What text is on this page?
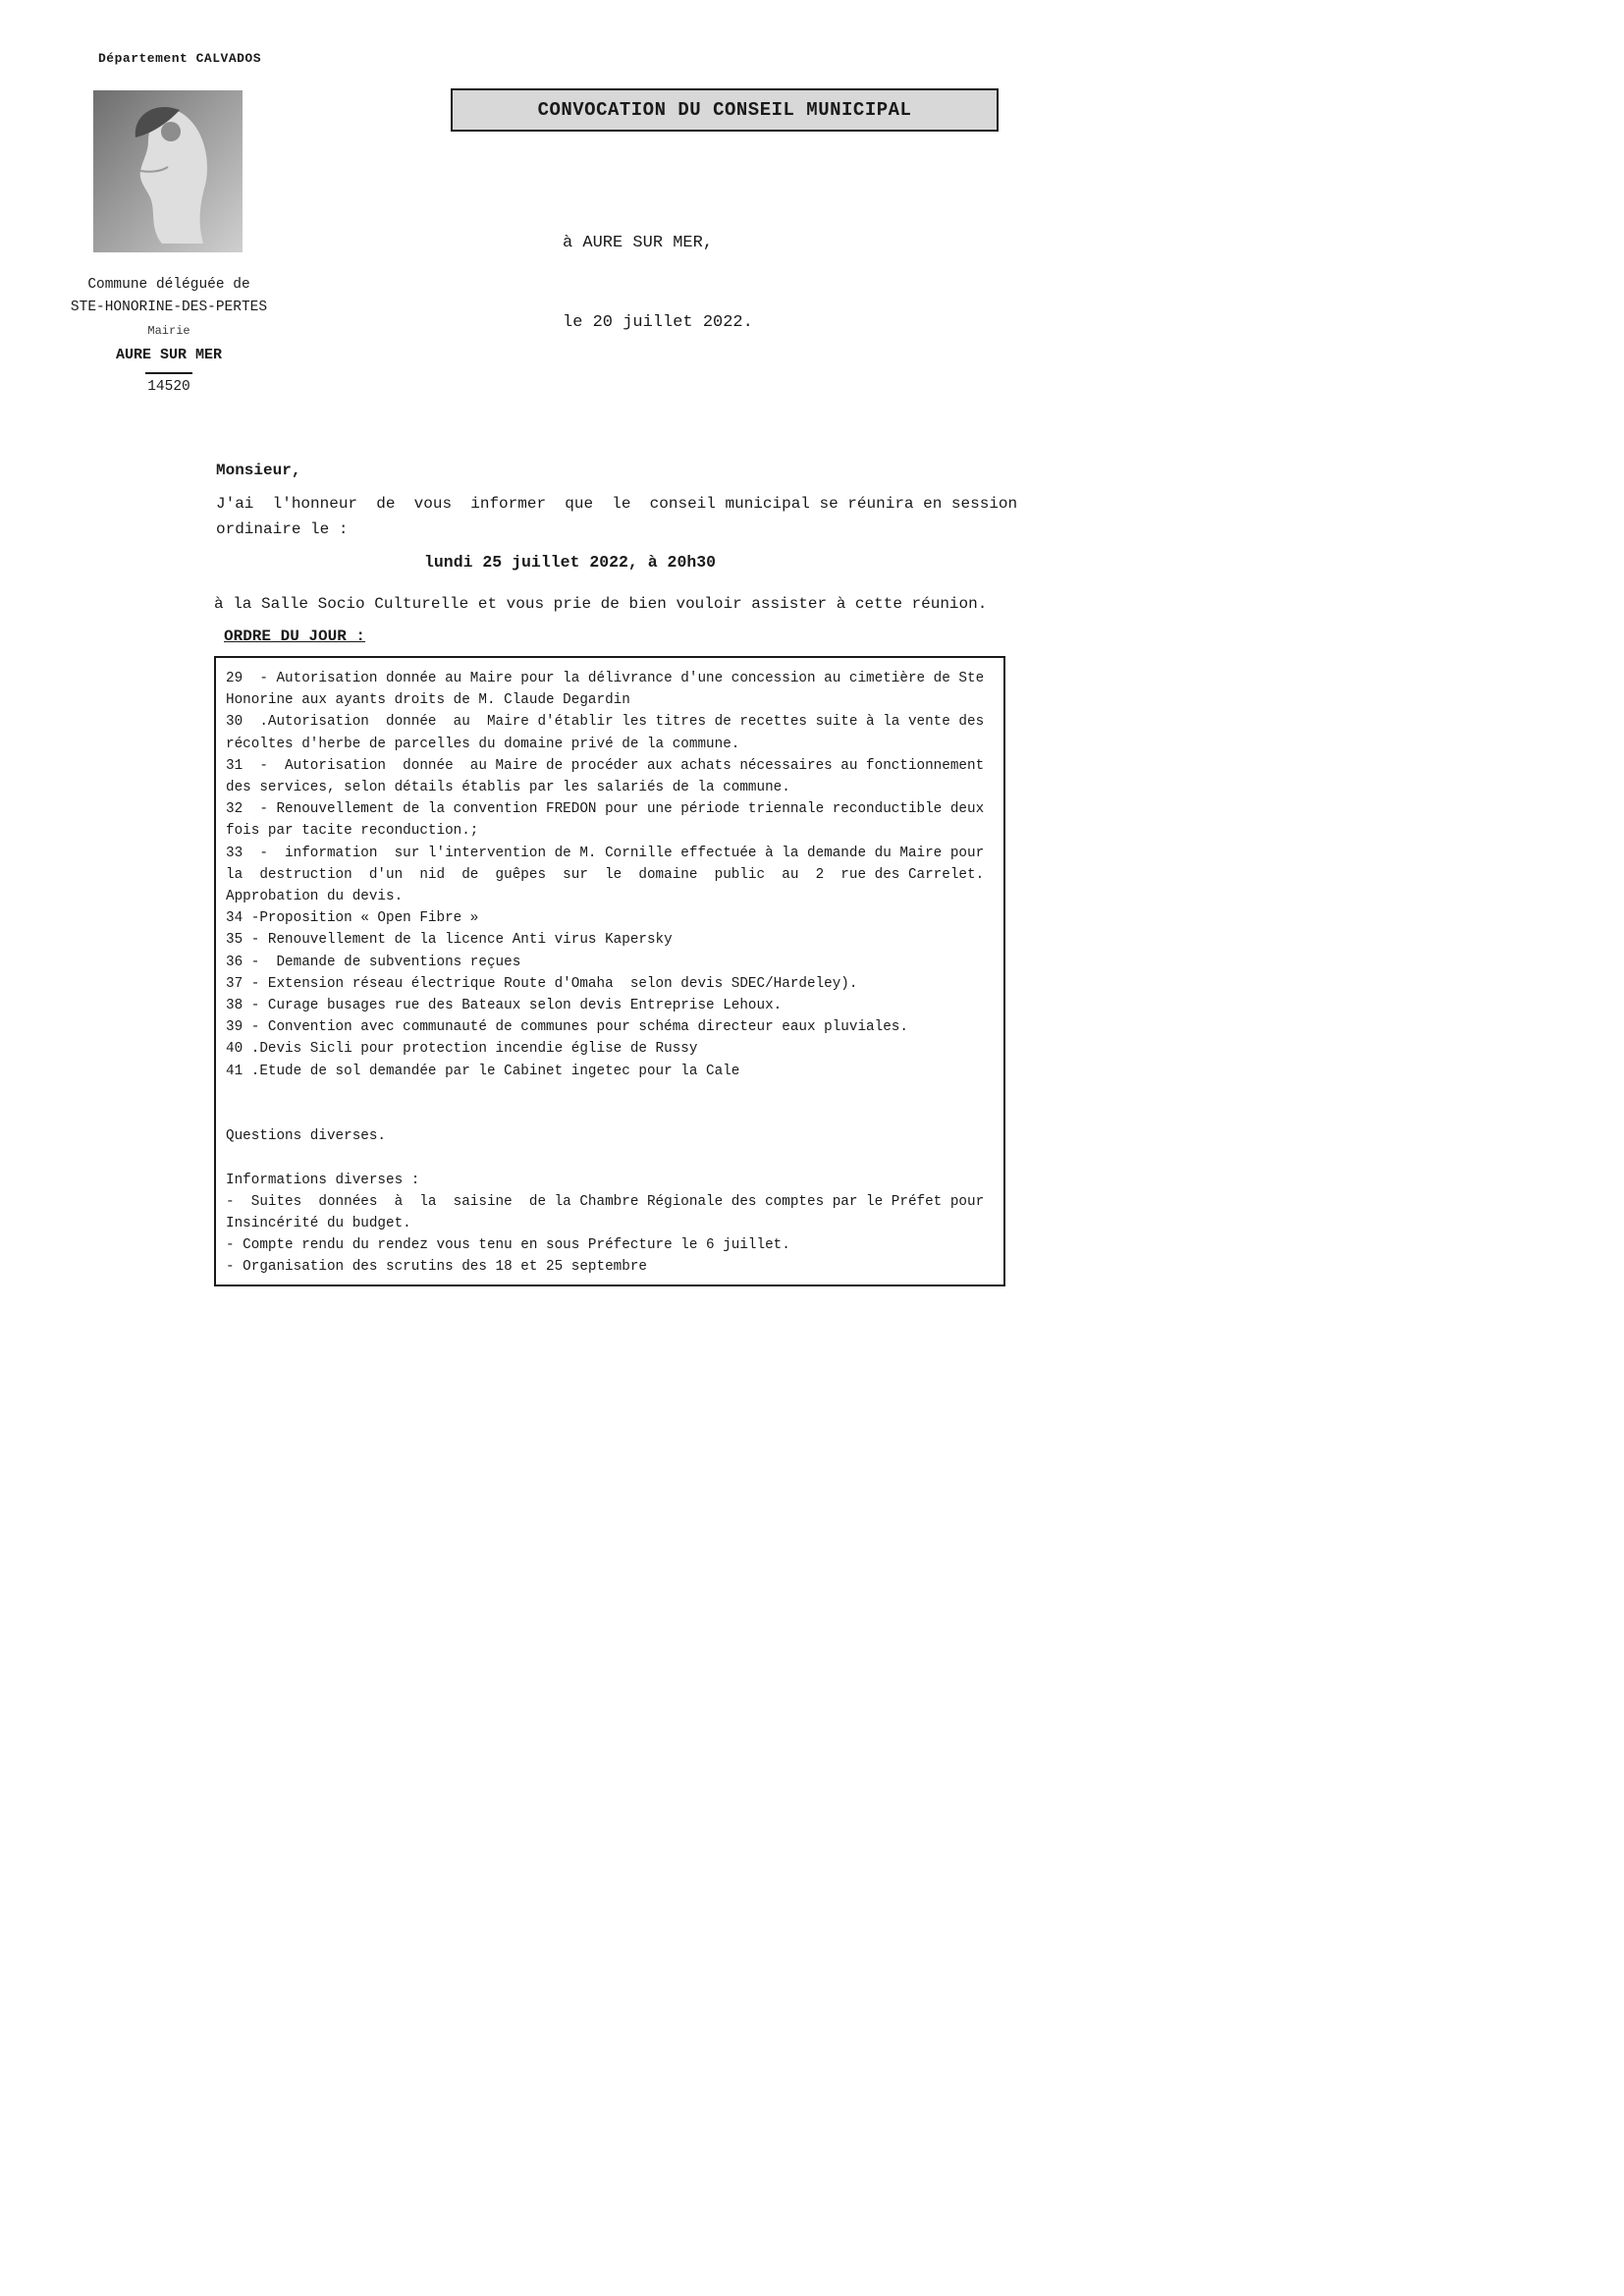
Département CALVADOS
CONVOCATION DU CONSEIL MUNICIPAL

à AURE SUR MER,

le 20 juillet 2022.

Commune déléguée de
STE-HONORINE-DES-PERTES
Mairie
AURE SUR MER
14520
Monsieur,
J'ai  l'honneur  de  vous  informer  que  le  conseil municipal se réunira en session
ordinaire le :
lundi 25 juillet 2022, à 20h30
à la Salle Socio Culturelle et vous prie de bien vouloir assister à cette réunion.
ORDRE DU JOUR :
29  - Autorisation donnée au Maire pour la délivrance d'une concession au cimetière de Ste
Honorine aux ayants droits de M. Claude Degardin
30  .Autorisation  donnée  au  Maire d'établir les titres de recettes suite à la vente des
récoltes d'herbe de parcelles du domaine privé de la commune.
31  -  Autorisation  donnée  au Maire de procéder aux achats nécessaires au fonctionnement
des services, selon détails établis par les salariés de la commune.
32  - Renouvellement de la convention FREDON pour une période triennale reconductible deux
fois par tacite reconduction.;
33  -  information  sur l'intervention de M. Cornille effectuée à la demande du Maire pour
la  destruction  d'un  nid  de  guêpes  sur  le  domaine  public  au  2  rue des Carrelet.
Approbation du devis.
34 -Proposition « Open Fibre »
35 - Renouvellement de la licence Anti virus Kapersky
36 -  Demande de subventions reçues
37 - Extension réseau électrique Route d'Omaha  selon devis SDEC/Hardeley).
38 - Curage busages rue des Bateaux selon devis Entreprise Lehoux.
39 - Convention avec communauté de communes pour schéma directeur eaux pluviales.
40 .Devis Sicli pour protection incendie église de Russy
41 .Etude de sol demandée par le Cabinet ingetec pour la Cale

Questions diverses.

Informations diverses :
-  Suites  données  à  la  saisine  de la Chambre Régionale des comptes par le Préfet pour
Insincérité du budget.
- Compte rendu du rendez vous tenu en sous Préfecture le 6 juillet.
- Organisation des scrutins des 18 et 25 septembre
